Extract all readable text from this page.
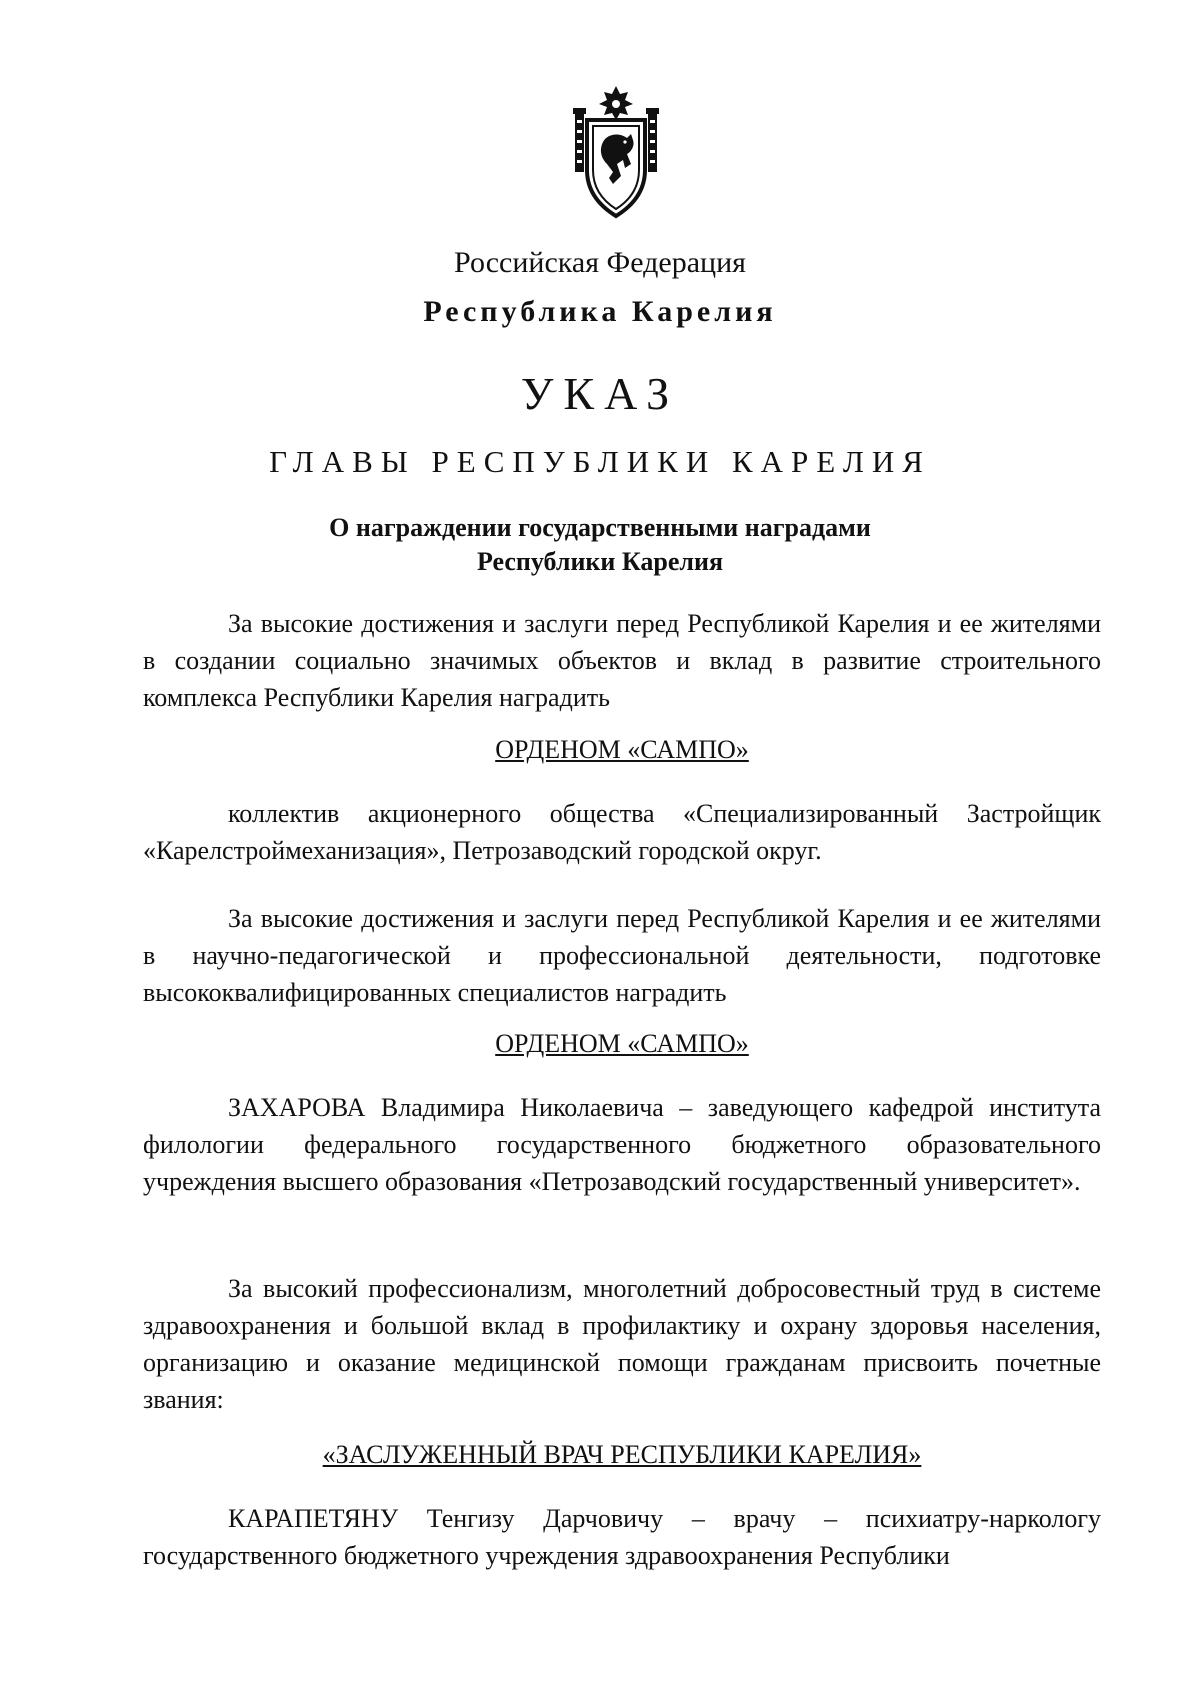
Российская Федерация

Республика Карелия

УКАЗ

ГЛАВЫ РЕСПУБЛИКИ КАРЕЛИЯ

О награждении государственными наградами
Республики Карелия

За высокие достижения и заслуги перед Республикой Карелия и ее жителями в создании социально значимых объектов и вклад в развитие строительного комплекса Республики Карелия наградить

ОРДЕНОМ «САМПО»

коллектив акционерного общества «Специализированный Застройщик «Карелстроймеханизация», Петрозаводский городской округ.

За высокие достижения и заслуги перед Республикой Карелия и ее жителями в научно-педагогической и профессиональной деятельности, подготовке высококвалифицированных специалистов наградить

ОРДЕНОМ «САМПО»

ЗАХАРОВА Владимира Николаевича – заведующего кафедрой института филологии федерального государственного бюджетного образовательного учреждения высшего образования «Петрозаводский государственный университет».

За высокий профессионализм, многолетний добросовестный труд в системе здравоохранения и большой вклад в профилактику и охрану здоровья населения, организацию и оказание медицинской помощи гражданам присвоить почетные звания:

«ЗАСЛУЖЕННЫЙ ВРАЧ РЕСПУБЛИКИ КАРЕЛИЯ»

КАРАПЕТЯНУ Тенгизу Дарчовичу – врачу – психиатру-наркологу государственного бюджетного учреждения здравоохранения Республики
